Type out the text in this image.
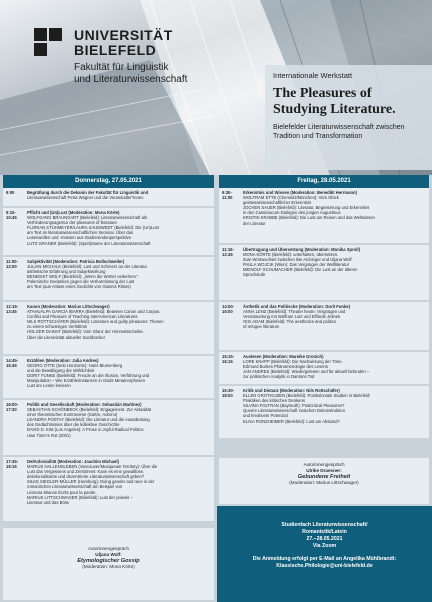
UNIVERSITÄT
BIELEFELD
Fakultät für Linguistik
und Literaturwissenschaft	Internationale Werkstatt
The Pleasures of Studying Literature.
Bielefelder Literaturwissenschaft zwischen Tradition und Transformation
Donnerstag, 27.05.2021	Freitag, 28.05.2021
9:00	Begrüßung durch die Dekanin der Fakultät für Linguistik und
Literaturwissenschaft Petra Wagner und die Veranstalter*innen
9:15-10:45
Pfficht und (Un)Lust (Moderation: Mona Körte)
WOLFGANG BRAUNGART (Bielefeld): Literaturwissenschaft als
Verhinderungsagentur der pleasures of literature
FLORIAN STÜHMEYER/LAURA SAUMWEDT (Bielefeld): Die (Un)Lust
am Text im literaturwissenschaftlichen Seminar. Über das
Lesenwollen und -müssen aus Studierendenperspektive
LUTZ GRANER (Bielefeld): (Spiel)räume der Literaturwissenschaft
11:00-12:00
Subjektivität (Moderation: Patricia Bollschweiler)
JULIAN MICHALK (Bielefeld): Lust und Schmerz an der Literatur.
ästhetische Erfahrung und Subjektwirkung
BENEDIKT WOLF (Bielefeld): „Wenn die Wörter verkehren".
Polemische Gedanken gegen die Verharmlosung der Lust
am Text (aus Anlass eines Gedichts von Giannis Ritsos)
12:15-13:45
Kanon (Moderation: Marius Littschwager)
ATAHUALPA GARCÍA IBARRA (Bielefeld): Between Canon and Corpus.
Conflict and Pleasure of Teaching InterAmerican Literatures
NILS ROTTSCHÄFER (Bielefeld): Literature and guilty pleasures: Thesen
zu einem schwierigen Verhältnis
HOLGER DAINAT (Bielefeld): Vom Glanz der Himmelsscheibe.
Über die Literarizität aktueller Sachbücher
14:45-15:45
Erzählen (Moderation: Julia Andres)
GEORG OTTE (Selo Horizonte): Hans Blumenberg
und die Bewältigung der Wirklichkeit
DORIT FUNKE (Bielefeld): Freude an der Illusion, Verführung und
Manipulation – Wie Erzählerinstanzen in Ovids Metamorphosen
Lust am Lesen kreieren
16:00-17:30
Politik und Gesellschaft (Moderation: Sebastián Martínez)
SEBASTIAN SCHÖNBECK (Bielefeld): Engagement. Zur Aktualität
einer theoretischen Kontroverse (Sartre, Adorno)
LEANDRA POSTAY (Bielefeld): Die Literatur und die Ausarbeitung
des Gedächtnisses über die kollektive Geschichte
DAVID D. KIM (Los Angeles): A Prose in Joyful Radical Politics:
Uwe Timm's Rot (2001)
17:45-19:15
De/Kolonialität (Moderation: Joachim Michael)
MARIUS HALLENSLEBEN (Vancouver/Musqueam Territory): Über die
Lust das Vergessens und Zerstörens: Kann es eine gewaltlose,
dekolonialisierte und dezentrierte Literaturwissenschaft geben?
SILKE SIEGLER-MÜLLER (Hamburg): Doing gender and race in der
romanischen Literaturwissenschaft am Beispiel von
Léonora Mianos Écrits pour la parole
MARIUS LITTSCHWAGER (Bielefeld): Lust der poiesis –
Literatur und das Böse
9:30-11:00
Erkenntnis und Wissen (Moderation: Benedikt Herrmann)
WOLFRAM ETTE (Chemnitz/München): Vom Glück
geisteswissenschaftlicher Erkenntnis
JOCHEN SAUER (Bielefeld): Literatur, Begeisterung und Erkenntnis
in den Cassiciacum-Dialogen des jungen Augustinus
KRISTIN KRABBE (Bielefeld): Die Lust am Reisen und das Weltwissen
der Literatur
11:15-12:45
Übertragung und Übersetzung (Moderation: Monika Sproll)
MONA KÖRTE (Bielefeld): unterhalten, übersetzen.
Zum Wortwechsel zwischen Ilse Aichinger und Uljana Wolf
PAULA WOJCIK (Wien): Das Vergnügen der Weltliteratur
MEINOLF SCHUMACHER (Bielefeld): Die Lust an der älteren
Sprachstufe
14:00-15:00
Ästhetik und das Politische (Moderation: Dorit Funke)
ANNA LENZ (Bielefeld): Theater heute: Vergnügen und
Verantwortung mit Wolfram Lotz und Elfriede Jelinek
GISI ADAM (Bielefeld): The aesthetics and politics
of refugee literature
15:15-16:15
Auslesen (Moderation: Mareike Gronich)
LORE KNAPP (Bielefeld): Die Nachwirkung der Töne.
Edmund Burkes Phänomenologie des Lesens
JAN ANDRES (Bielefeld): Wiedergelesen und für aktuell befunden –
zur politischen Analytik in Dantons Tod
16:30-18:00
Kritik und Distanz (Moderation: Nils Rottschäfer)
ELLEN GROTHUIZEN (Bielefeld): Postkoloniale Studien in Bielefeld:
Praktiken des kritischen Denkens
SILVINA FOLTRAN (Bayreuth): Postcritical Pleasures?
Queere Literaturwissenschaft zwischen Dekonstruktion
und kreativem Potenzial
ELISA RONZHEIMER (Bielefeld): Lust am Abstand?
Autorinnengespräch
Uljana Wolf:
Etymologischer Gossip
(Moderation: Mona Körte)
Autorinnengespräch
Ulrike Draesner:
Gebundene Freiheit
(Moderation: Marius Littschwager)
Studienfach Literaturwissenschaft/
Romanistik/Latein
27.–28.05.2021
Via Zoom
Die Anmeldung erfolgt per E-Mail an Angelika Mühlbrandt:
Klassische.Philologie@uni-bielefeld.de
